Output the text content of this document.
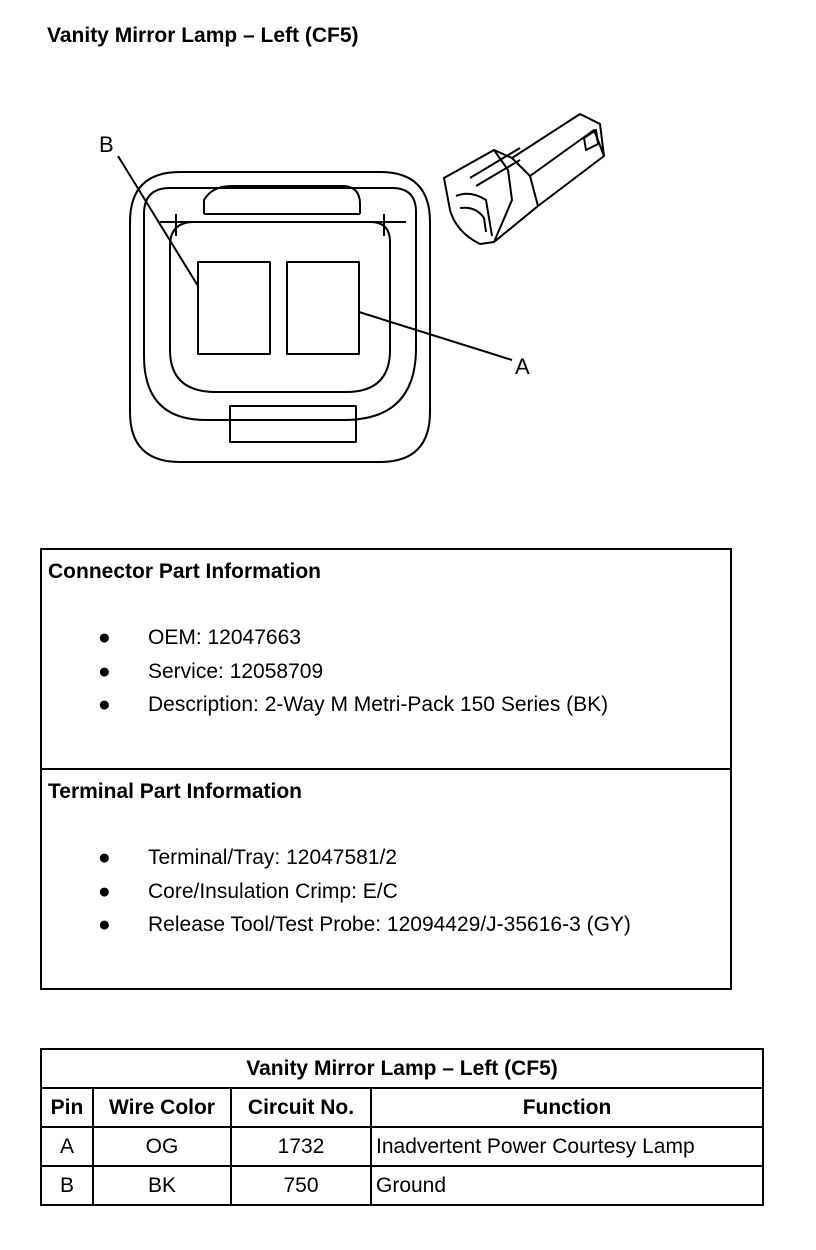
Vanity Mirror Lamp – Left (CF5)
B
A
Connector Part Information
● OEM: 12047663
● Service: 12058709
● Description: 2-Way M Metri-Pack 150 Series (BK)
Terminal Part Information
● Terminal/Tray: 12047581/2
● Core/Insulation Crimp: E/C
● Release Tool/Test Probe: 12094429/J-35616-3 (GY)
Vanity Mirror Lamp – Left (CF5)			
Pin	Wire Color	Circuit No.	Function
A	OG	1732	Inadvertent Power Courtesy Lamp
B	BK	750	Ground
